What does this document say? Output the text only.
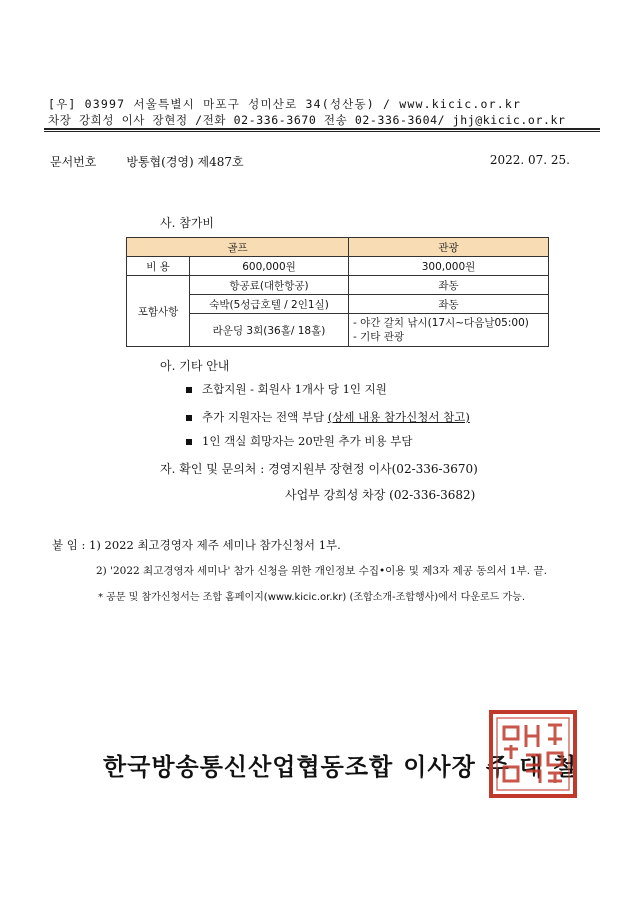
[우] 03997 서울특별시 마포구 성미산로 34(성산동) / www.kicic.or.kr
차장 강희성 이사 장현정 /전화 02-336-3670 전송 02-336-3604/ jhj@kicic.or.kr
문서번호	방통협(경영) 제487호	2022. 07. 25.
사. 참가비
골프		관광
비 용	600,000원	300,000원
포함사항	항공료(대한항공)	좌동
	숙박(5성급호텔 / 2인1실)	좌동
	라운딩 3회(36홀/ 18홀)	- 야간 갈치 낚시(17시~다음날05:00)
- 기타 관광
아. 기타 안내
조합지원 - 회원사 1개사 당 1인 지원
추가 지원자는 전액 부담 (상세 내용 참가신청서 참고)
1인 객실 희망자는 20만원 추가 비용 부담
자. 확인 및 문의처 : 경영지원부 장현정 이사(02-336-3670)
사업부 강희성 차장 (02-336-3682)
붙 임 : 1) 2022 최고경영자 제주 세미나 참가신청서 1부.
2) '2022 최고경영자 세미나' 참가 신청을 위한 개인정보 수집•이용 및 제3자 제공 동의서 1부. 끝.
* 공문 및 참가신청서는 조합 홈페이지(www.kicic.or.kr) (조합소개-조합행사)에서 다운로드 가능.
한국방송통신산업협동조합 이사장 주 대 철
